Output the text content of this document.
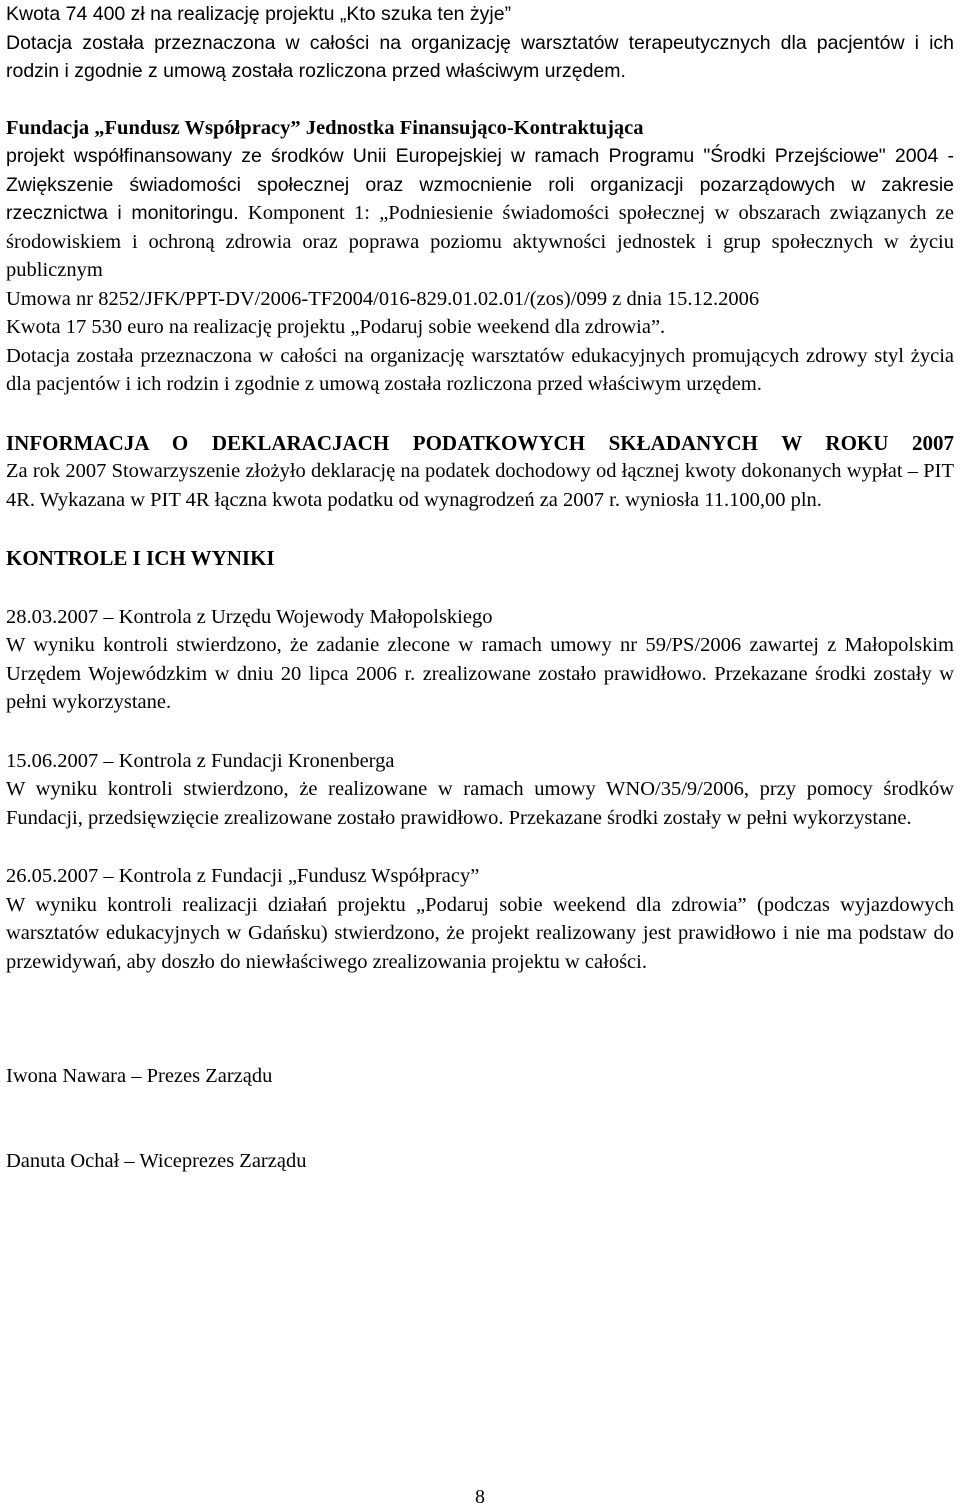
Kwota 74 400 zł na realizację projektu „Kto szuka ten żyje”

Dotacja została przeznaczona w całości na organizację warsztatów terapeutycznych dla pacjentów i ich rodzin i zgodnie z umową została rozliczona przed właściwym urzędem.

Fundacja „Fundusz Współpracy” Jednostka Finansująco-Kontraktująca
projekt współfinansowany ze środków Unii Europejskiej w ramach Programu "Środki Przejściowe" 2004 - Zwiększenie świadomości społecznej oraz wzmocnienie roli organizacji pozarządowych w zakresie rzecznictwa i monitoringu. Komponent 1: „Podniesienie świadomości społecznej w obszarach związanych ze środowiskiem i ochroną zdrowia oraz poprawa poziomu aktywności jednostek i grup społecznych w życiu publicznym

Umowa nr 8252/JFK/PPT-DV/2006-TF2004/016-829.01.02.01/(zos)/099 z dnia 15.12.2006

Kwota 17 530 euro na realizację projektu „Podaruj sobie weekend dla zdrowia”.

Dotacja została przeznaczona w całości na organizację warsztatów edukacyjnych promujących zdrowy styl życia dla pacjentów i ich rodzin i zgodnie z umową została rozliczona przed właściwym urzędem.

INFORMACJA O DEKLARACJACH PODATKOWYCH SKŁADANYCH W ROKU 2007

Za rok 2007 Stowarzyszenie złożyło deklarację na podatek dochodowy od łącznej kwoty dokonanych wypłat – PIT 4R. Wykazana w PIT 4R łączna kwota podatku od wynagrodzeń za 2007 r. wyniosła 11.100,00 pln.

KONTROLE I ICH WYNIKI

28.03.2007 – Kontrola z Urzędu Wojewody Małopolskiego

W wyniku kontroli stwierdzono, że zadanie zlecone w ramach umowy nr 59/PS/2006 zawartej z Małopolskim Urzędem Wojewódzkim w dniu 20 lipca 2006 r. zrealizowane zostało prawidłowo. Przekazane środki zostały w pełni wykorzystane.

15.06.2007 – Kontrola z Fundacji Kronenberga

W wyniku kontroli stwierdzono, że realizowane w ramach umowy WNO/35/9/2006, przy pomocy środków Fundacji, przedsięwzięcie zrealizowane zostało prawidłowo. Przekazane środki zostały w pełni wykorzystane.

26.05.2007 – Kontrola z Fundacji „Fundusz Współpracy”

W wyniku kontroli realizacji działań projektu „Podaruj sobie weekend dla zdrowia” (podczas wyjazdowych warsztatów edukacyjnych w Gdańsku) stwierdzono, że projekt realizowany jest prawidłowo i nie ma podstaw do przewidywań, aby doszło do niewłaściwego zrealizowania projektu w całości.

Iwona Nawara – Prezes Zarządu

Danuta Ochał – Wiceprezes Zarządu

8
